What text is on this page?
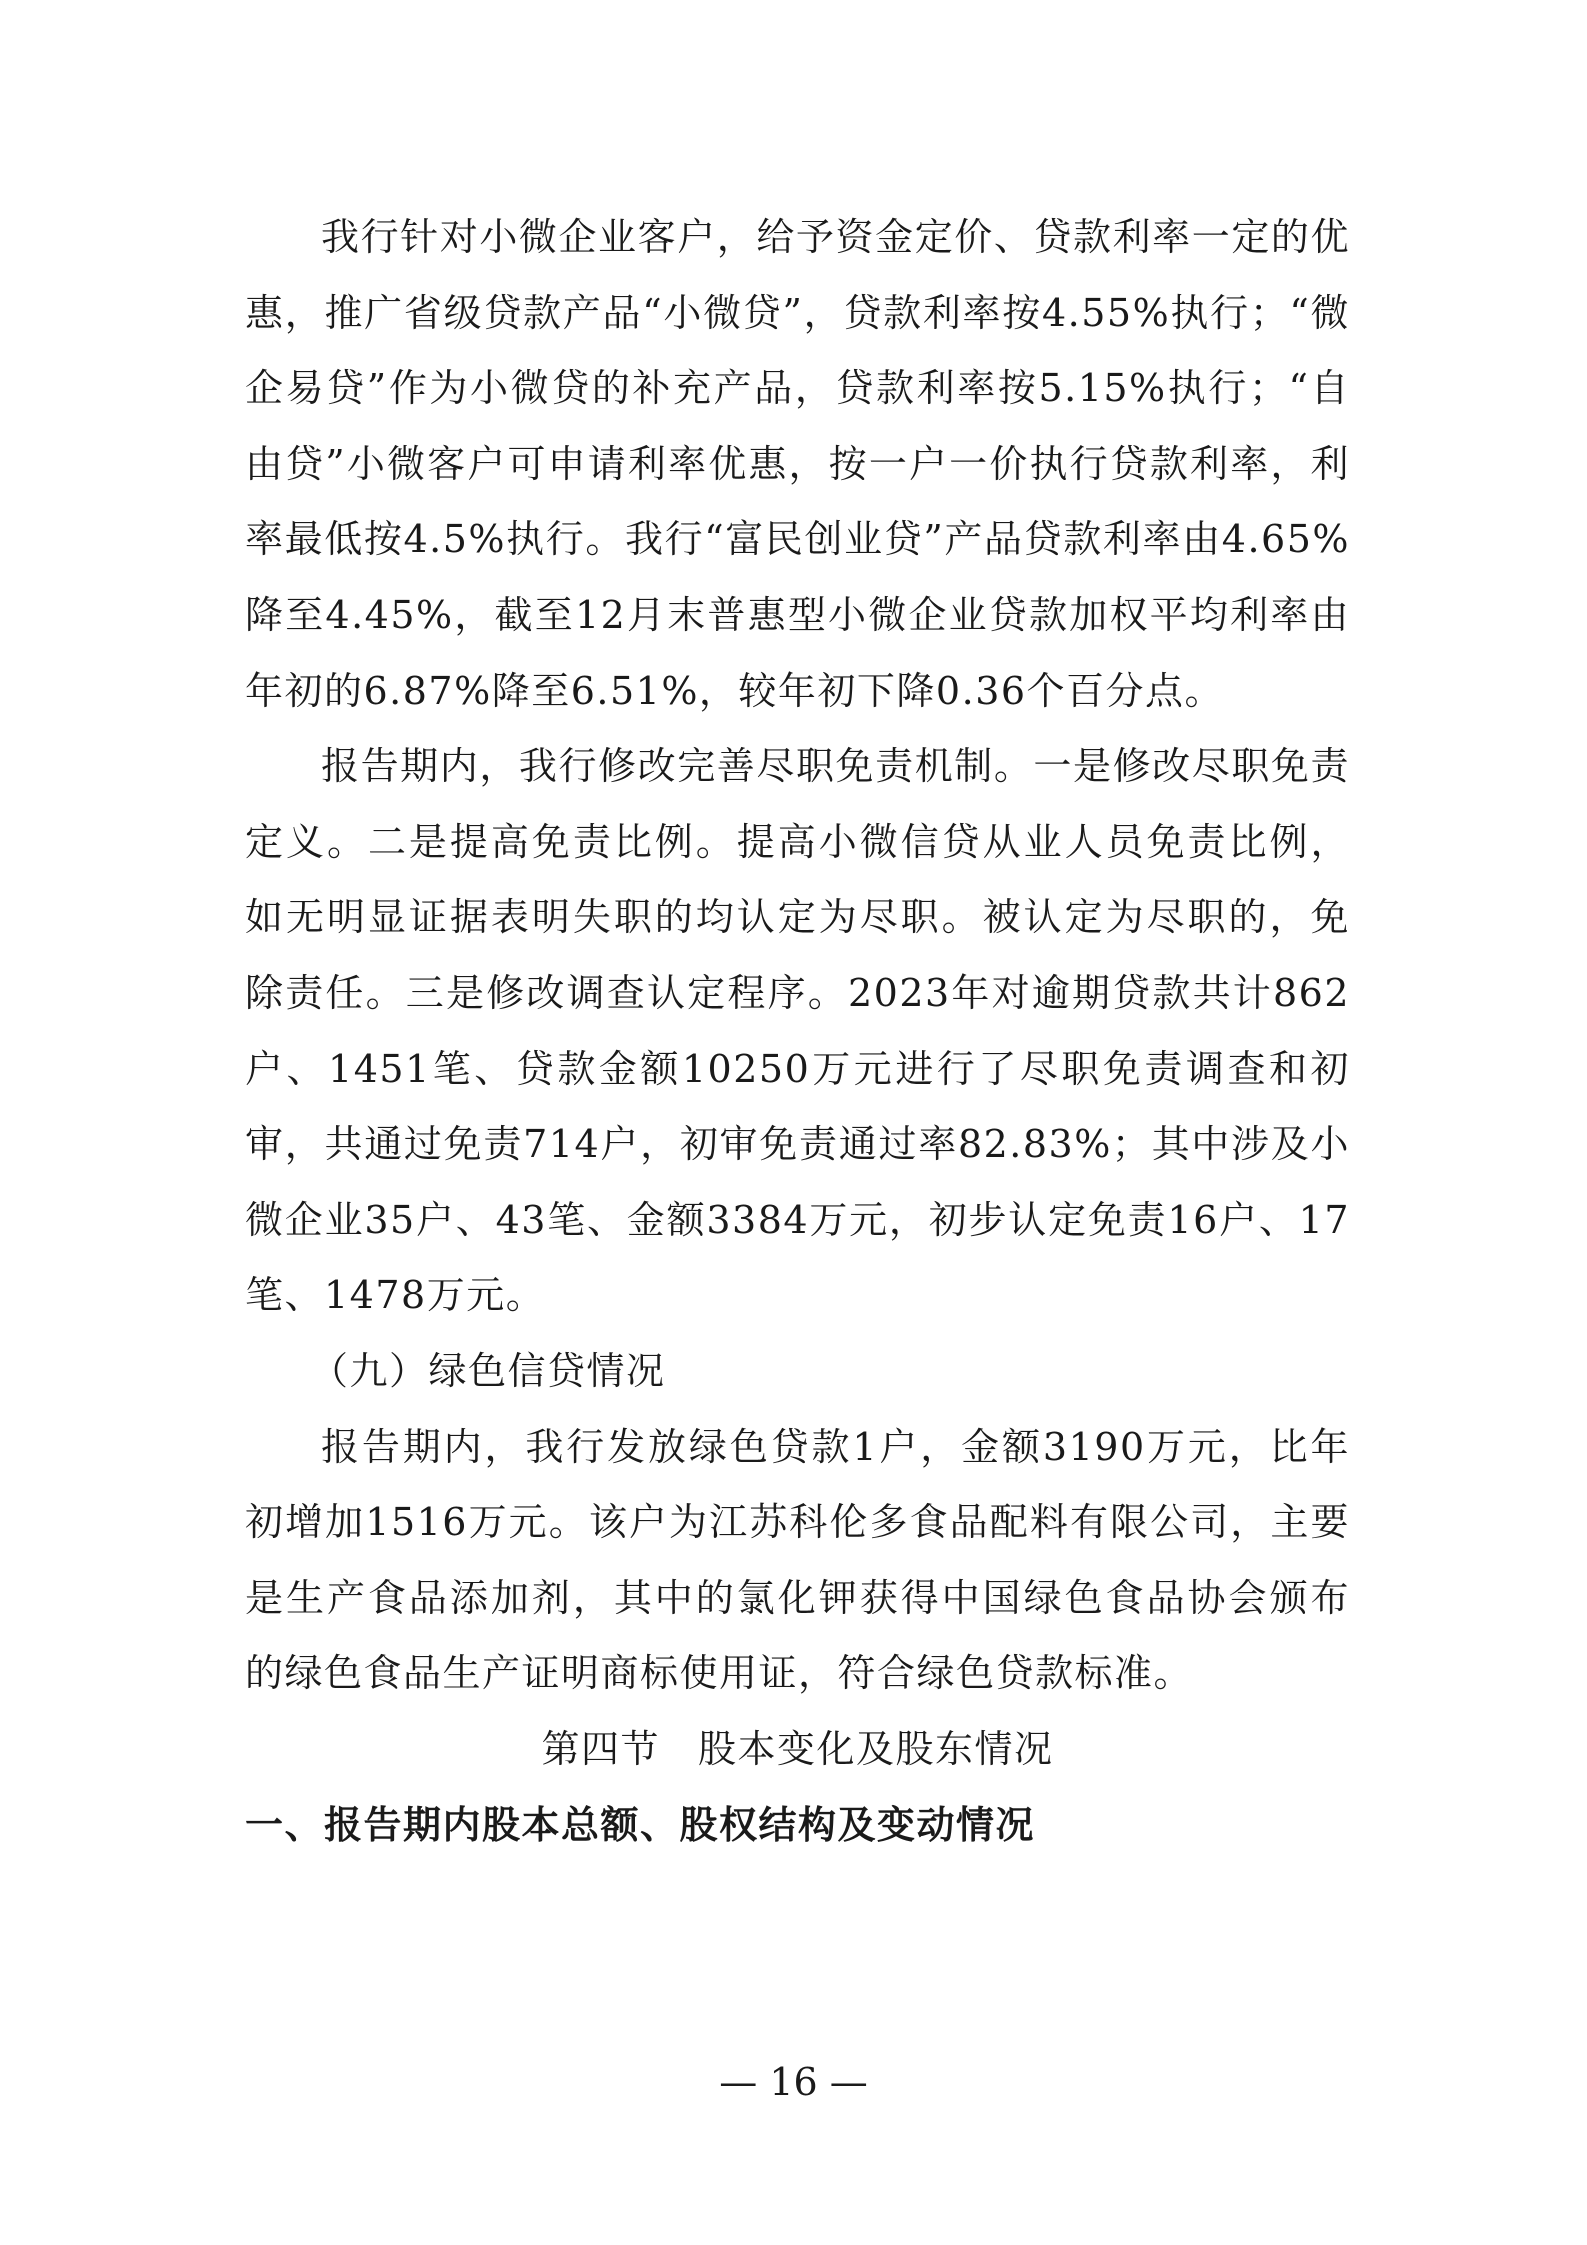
我行针对小微企业客户，给予资金定价、贷款利率一定的优惠，推广省级贷款产品“小微贷”，贷款利率按4.55%执行；“微企易贷”作为小微贷的补充产品，贷款利率按5.15%执行；“自由贷”小微客户可申请利率优惠，按一户一价执行贷款利率，利率最低按4.5%执行。我行“富民创业贷”产品贷款利率由4.65%降至4.45%，截至12月末普惠型小微企业贷款加权平均利率由年初的6.87%降至6.51%，较年初下降0.36个百分点。

报告期内，我行修改完善尽职免责机制。一是修改尽职免责定义。二是提高免责比例。提高小微信贷从业人员免责比例，如无明显证据表明失职的均认定为尽职。被认定为尽职的，免除责任。三是修改调查认定程序。2023年对逾期贷款共计862户、1451笔、贷款金额10250万元进行了尽职免责调查和初审，共通过免责714户，初审免责通过率82.83%；其中涉及小微企业35户、43笔、金额3384万元，初步认定免责16户、17笔、1478万元。

（九）绿色信贷情况

报告期内，我行发放绿色贷款1户，金额3190万元，比年初增加1516万元。该户为江苏科伦多食品配料有限公司，主要是生产食品添加剂，其中的氯化钾获得中国绿色食品协会颁布的绿色食品生产证明商标使用证，符合绿色贷款标准。

第四节 股本变化及股东情况

一、报告期内股本总额、股权结构及变动情况

— 16 —
